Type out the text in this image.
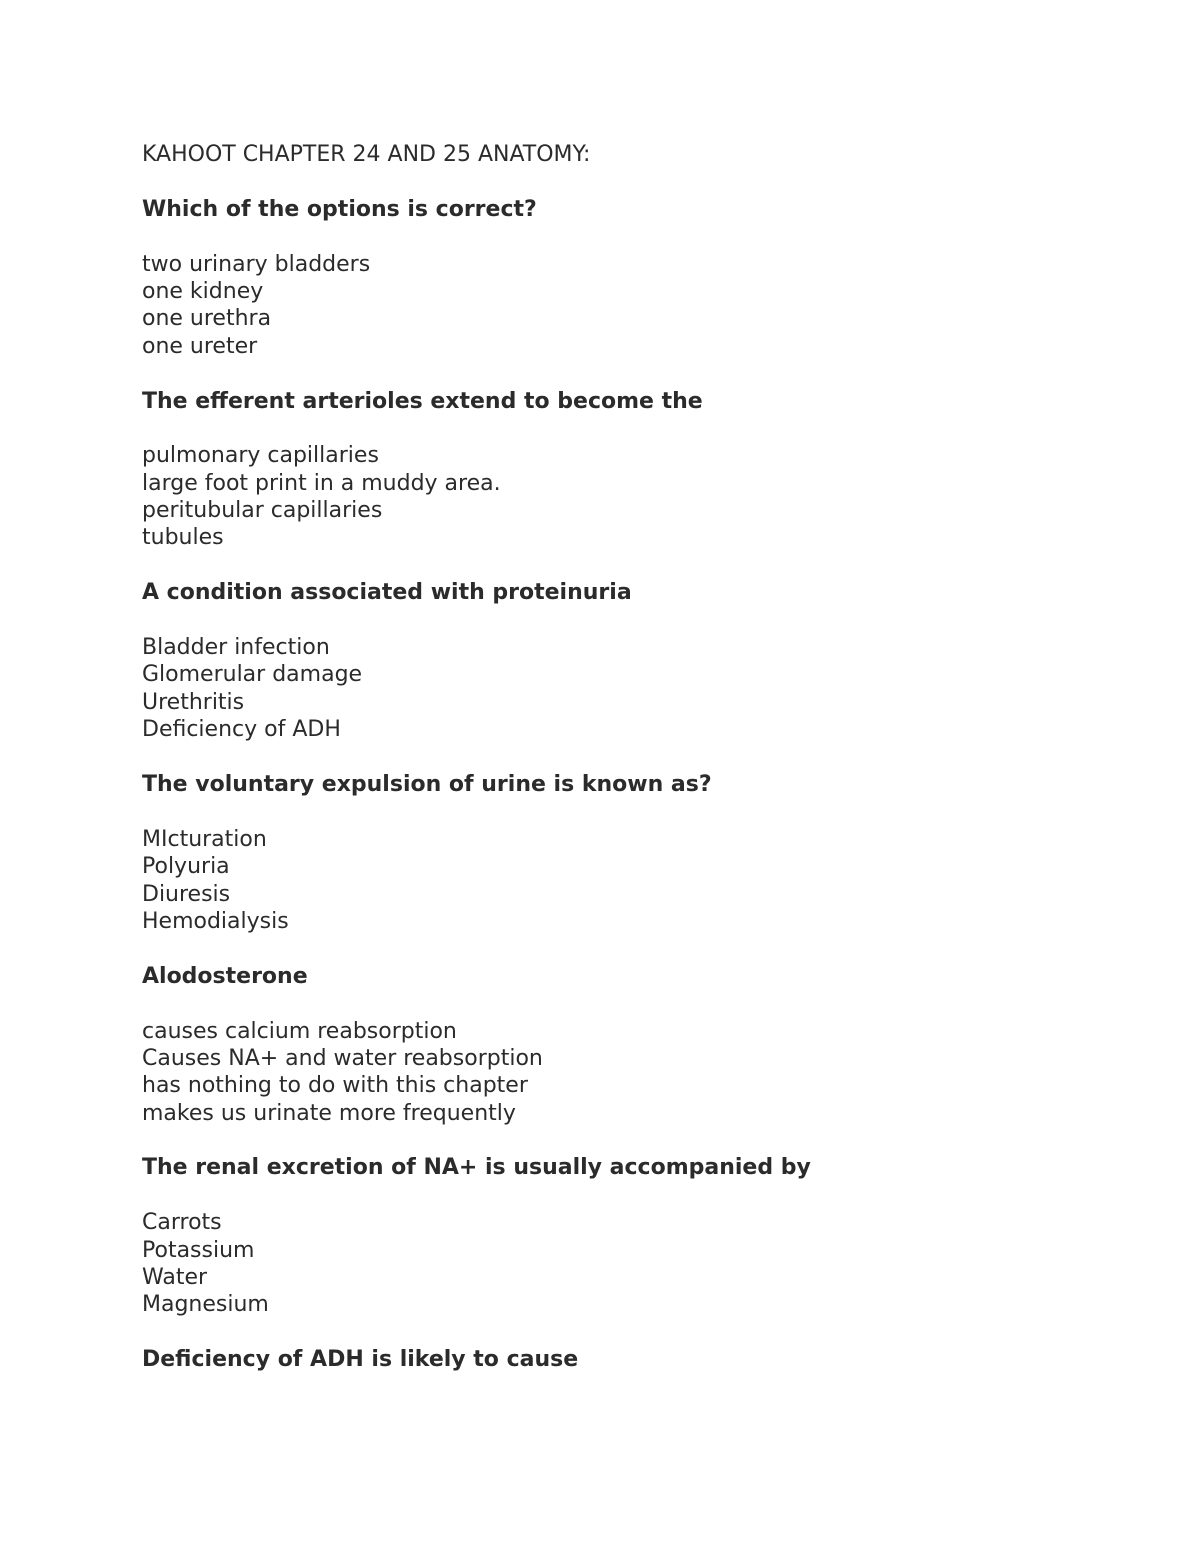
KAHOOT CHAPTER 24 AND 25 ANATOMY:

Which of the options is correct?

two urinary bladders

one kidney

one urethra

one ureter

The efferent arterioles extend to become the

pulmonary capillaries

large foot print in a muddy area.

peritubular capillaries

tubules

A condition associated with proteinuria

Bladder infection

Glomerular damage

Urethritis

Deficiency of ADH

The voluntary expulsion of urine is known as?

MIcturation

Polyuria

Diuresis

Hemodialysis

Alodosterone

causes calcium reabsorption

Causes NA+ and water reabsorption

has nothing to do with this chapter

makes us urinate more frequently

The renal excretion of NA+ is usually accompanied by

Carrots

Potassium

Water

Magnesium

Deficiency of ADH is likely to cause
